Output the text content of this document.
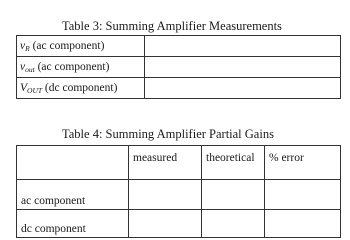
Table 3: Summing Amplifier Measurements
$v_R$ (ac component)	
$v_{out}$ (ac component)	
VOUT (dc component)	
Table 4: Summing Amplifier Partial Gains
	measured	theoretical	% error
ac component			
dc component			
